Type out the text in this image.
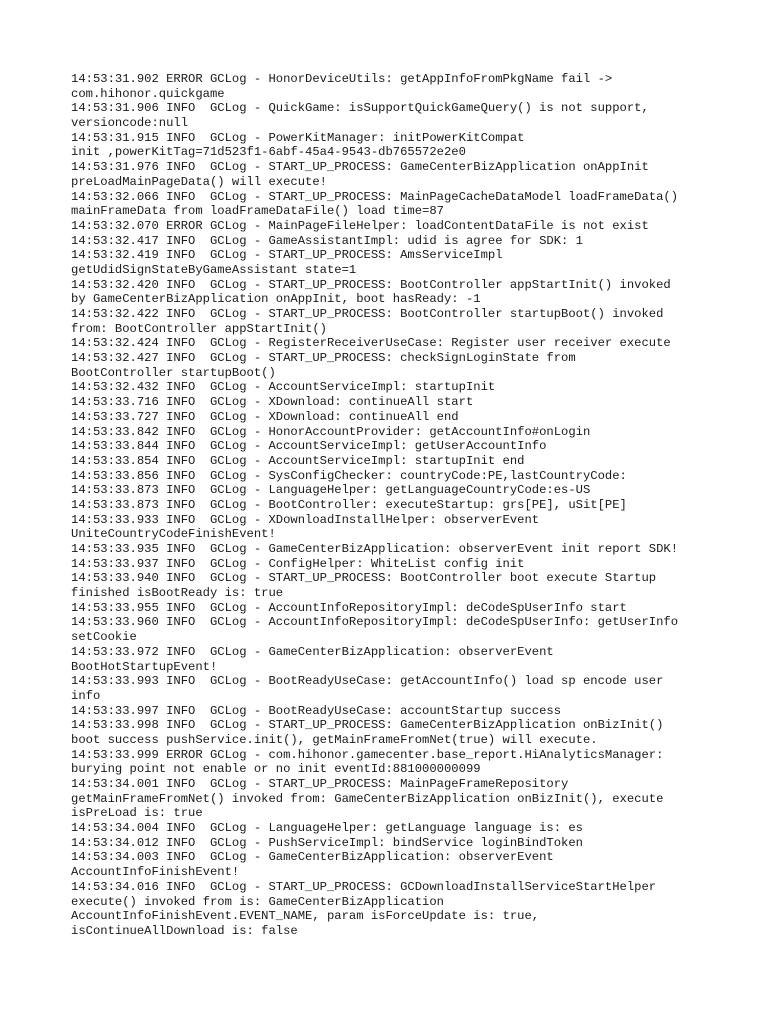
14:53:31.902 ERROR GCLog - HonorDeviceUtils: getAppInfoFromPkgName fail ->
com.hihonor.quickgame
14:53:31.906 INFO  GCLog - QuickGame: isSupportQuickGameQuery() is not support,
versioncode:null
14:53:31.915 INFO  GCLog - PowerKitManager: initPowerKitCompat
init ,powerKitTag=71d523f1-6abf-45a4-9543-db765572e2e0
14:53:31.976 INFO  GCLog - START_UP_PROCESS: GameCenterBizApplication onAppInit
preLoadMainPageData() will execute!
14:53:32.066 INFO  GCLog - START_UP_PROCESS: MainPageCacheDataModel loadFrameData()
mainFrameData from loadFrameDataFile() load time=87
14:53:32.070 ERROR GCLog - MainPageFileHelper: loadContentDataFile is not exist
14:53:32.417 INFO  GCLog - GameAssistantImpl: udid is agree for SDK: 1
14:53:32.419 INFO  GCLog - START_UP_PROCESS: AmsServiceImpl
getUdidSignStateByGameAssistant state=1
14:53:32.420 INFO  GCLog - START_UP_PROCESS: BootController appStartInit() invoked
by GameCenterBizApplication onAppInit, boot hasReady: -1
14:53:32.422 INFO  GCLog - START_UP_PROCESS: BootController startupBoot() invoked
from: BootController appStartInit()
14:53:32.424 INFO  GCLog - RegisterReceiverUseCase: Register user receiver execute
14:53:32.427 INFO  GCLog - START_UP_PROCESS: checkSignLoginState from
BootController startupBoot()
14:53:32.432 INFO  GCLog - AccountServiceImpl: startupInit
14:53:33.716 INFO  GCLog - XDownload: continueAll start
14:53:33.727 INFO  GCLog - XDownload: continueAll end
14:53:33.842 INFO  GCLog - HonorAccountProvider: getAccountInfo#onLogin
14:53:33.844 INFO  GCLog - AccountServiceImpl: getUserAccountInfo
14:53:33.854 INFO  GCLog - AccountServiceImpl: startupInit end
14:53:33.856 INFO  GCLog - SysConfigChecker: countryCode:PE,lastCountryCode:
14:53:33.873 INFO  GCLog - LanguageHelper: getLanguageCountryCode:es-US
14:53:33.873 INFO  GCLog - BootController: executeStartup: grs[PE], uSit[PE]
14:53:33.933 INFO  GCLog - XDownloadInstallHelper: observerEvent
UniteCountryCodeFinishEvent!
14:53:33.935 INFO  GCLog - GameCenterBizApplication: observerEvent init report SDK!
14:53:33.937 INFO  GCLog - ConfigHelper: WhiteList config init
14:53:33.940 INFO  GCLog - START_UP_PROCESS: BootController boot execute Startup
finished isBootReady is: true
14:53:33.955 INFO  GCLog - AccountInfoRepositoryImpl: deCodeSpUserInfo start
14:53:33.960 INFO  GCLog - AccountInfoRepositoryImpl: deCodeSpUserInfo: getUserInfo
setCookie
14:53:33.972 INFO  GCLog - GameCenterBizApplication: observerEvent
BootHotStartupEvent!
14:53:33.993 INFO  GCLog - BootReadyUseCase: getAccountInfo() load sp encode user
info
14:53:33.997 INFO  GCLog - BootReadyUseCase: accountStartup success
14:53:33.998 INFO  GCLog - START_UP_PROCESS: GameCenterBizApplication onBizInit()
boot success pushService.init(), getMainFrameFromNet(true) will execute.
14:53:33.999 ERROR GCLog - com.hihonor.gamecenter.base_report.HiAnalyticsManager:
burying point not enable or no init eventId:881000000099
14:53:34.001 INFO  GCLog - START_UP_PROCESS: MainPageFrameRepository
getMainFrameFromNet() invoked from: GameCenterBizApplication onBizInit(), execute
isPreLoad is: true
14:53:34.004 INFO  GCLog - LanguageHelper: getLanguage language is: es
14:53:34.012 INFO  GCLog - PushServiceImpl: bindService loginBindToken
14:53:34.003 INFO  GCLog - GameCenterBizApplication: observerEvent
AccountInfoFinishEvent!
14:53:34.016 INFO  GCLog - START_UP_PROCESS: GCDownloadInstallServiceStartHelper
execute() invoked from is: GameCenterBizApplication
AccountInfoFinishEvent.EVENT_NAME, param isForceUpdate is: true,
isContinueAllDownload is: false
